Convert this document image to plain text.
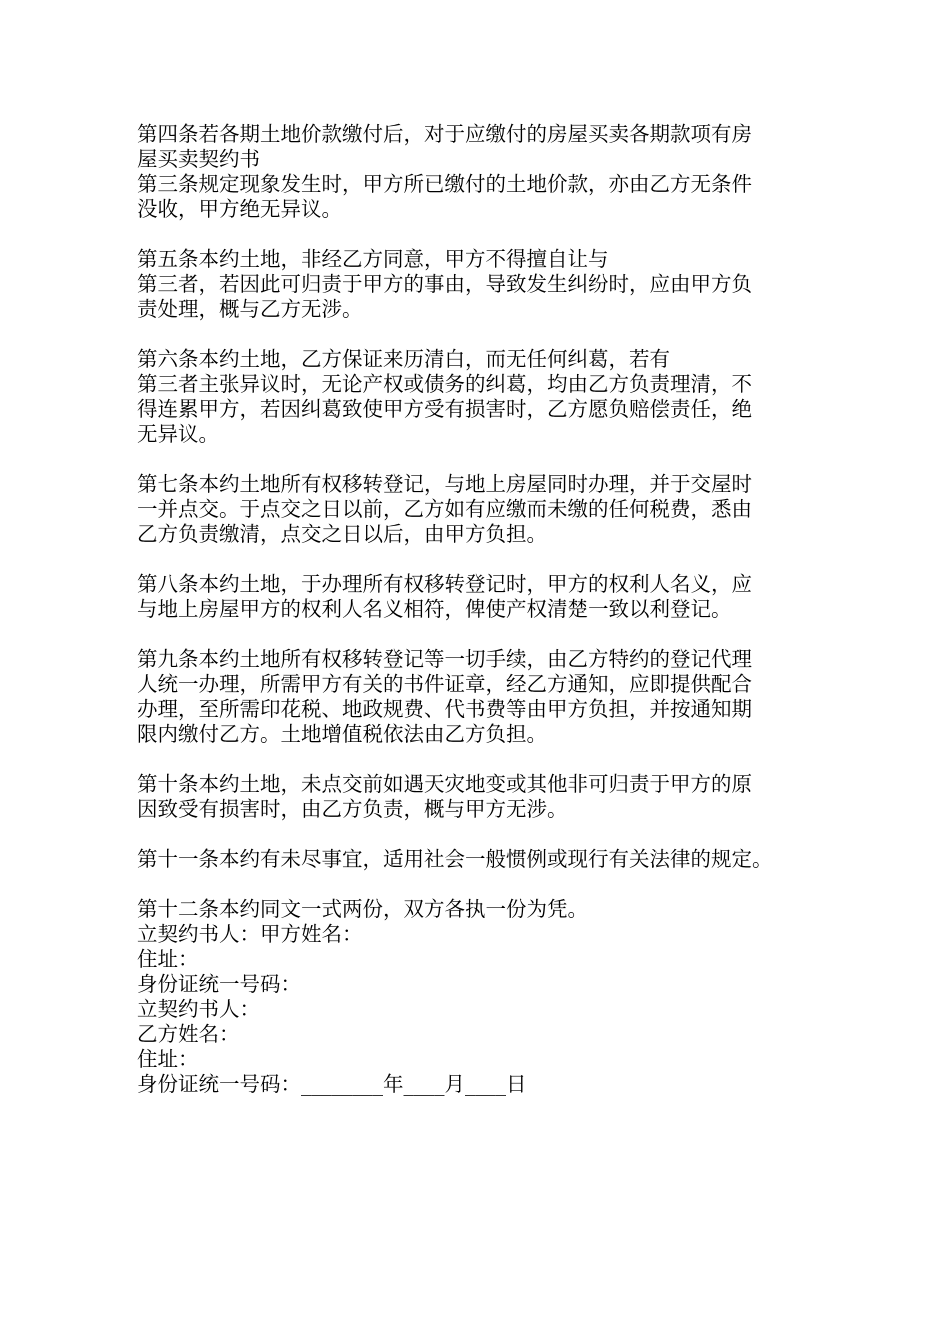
第四条若各期土地价款缴付后，对于应缴付的房屋买卖各期款项有房
屋买卖契约书
第三条规定现象发生时，甲方所已缴付的土地价款，亦由乙方无条件
没收，甲方绝无异议。
第五条本约土地，非经乙方同意，甲方不得擅自让与
第三者，若因此可归责于甲方的事由，导致发生纠纷时，应由甲方负
责处理，概与乙方无涉。
第六条本约土地，乙方保证来历清白，而无任何纠葛，若有
第三者主张异议时，无论产权或债务的纠葛，均由乙方负责理清，不
得连累甲方，若因纠葛致使甲方受有损害时，乙方愿负赔偿责任，绝
无异议。
第七条本约土地所有权移转登记，与地上房屋同时办理，并于交屋时
一并点交。于点交之日以前，乙方如有应缴而未缴的任何税费，悉由
乙方负责缴清，点交之日以后，由甲方负担。
第八条本约土地，于办理所有权移转登记时，甲方的权利人名义，应
与地上房屋甲方的权利人名义相符，俾使产权清楚一致以利登记。
第九条本约土地所有权移转登记等一切手续，由乙方特约的登记代理
人统一办理，所需甲方有关的书件证章，经乙方通知，应即提供配合
办理，至所需印花税、地政规费、代书费等由甲方负担，并按通知期
限内缴付乙方。土地增值税依法由乙方负担。
第十条本约土地，未点交前如遇天灾地变或其他非可归责于甲方的原
因致受有损害时，由乙方负责，概与甲方无涉。
第十一条本约有未尽事宜，适用社会一般惯例或现行有关法律的规定。
第十二条本约同文一式两份，双方各执一份为凭。
立契约书人：甲方姓名：
住址：
身份证统一号码：
立契约书人：
乙方姓名：
住址：
身份证统一号码：________年____月____日
